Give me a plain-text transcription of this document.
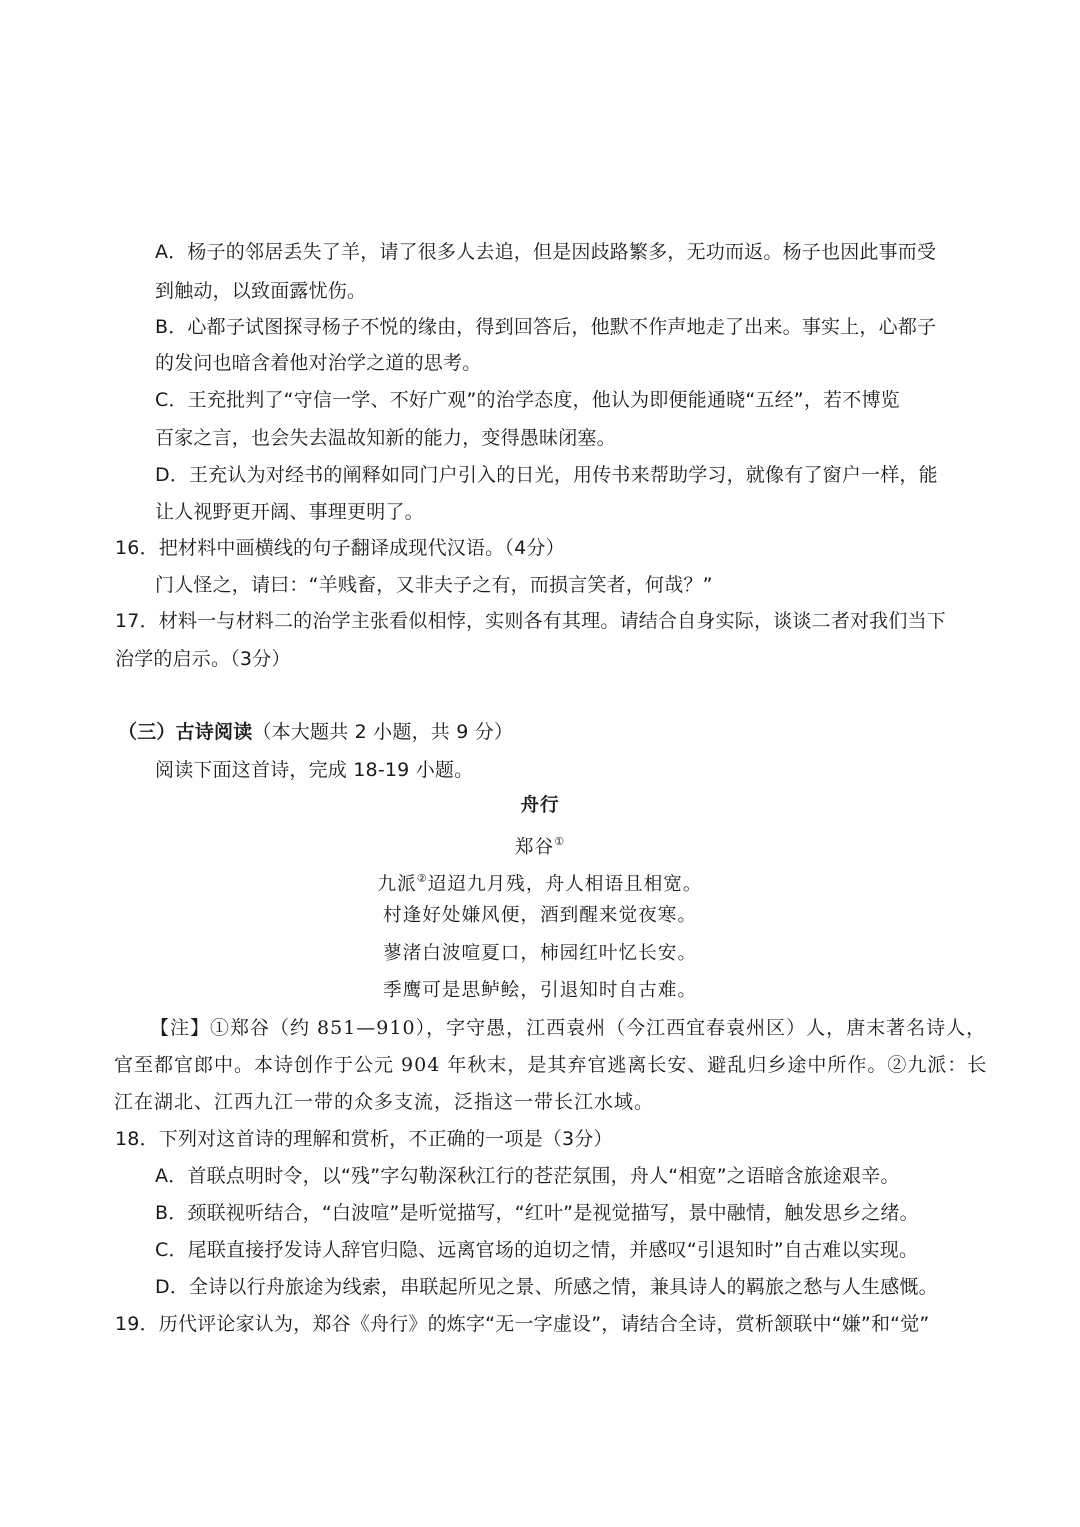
A．杨子的邻居丢失了羊，请了很多人去追，但是因歧路繁多，无功而返。杨子也因此事而受
到触动，以致面露忧伤。
B．心都子试图探寻杨子不悦的缘由，得到回答后，他默不作声地走了出来。事实上，心都子
的发问也暗含着他对治学之道的思考。
C．王充批判了“守信一学、不好广观”的治学态度，他认为即便能通晓“五经”，若不博览
百家之言，也会失去温故知新的能力，变得愚昧闭塞。
D．王充认为对经书的阐释如同门户引入的日光，用传书来帮助学习，就像有了窗户一样，能
让人视野更开阔、事理更明了。
16．把材料中画横线的句子翻译成现代汉语。（4分）
门人怪之，请曰：“羊贱畜，又非夫子之有，而损言笑者，何哉？”
17．材料一与材料二的治学主张看似相悖，实则各有其理。请结合自身实际，谈谈二者对我们当下
治学的启示。（3分）
（三）古诗阅读（本大题共 2 小题，共 9 分）
阅读下面这首诗，完成 18-19 小题。
舟行
郑谷①
九派②迢迢九月残，舟人相语且相宽。
村逢好处嫌风便，酒到醒来觉夜寒。
蓼渚白波喧夏口，柿园红叶忆长安。
季鹰可是思鲈鲙，引退知时自古难。
【注】①郑谷（约 851—910），字守愚，江西袁州（今江西宜春袁州区）人，唐末著名诗人，
官至都官郎中。本诗创作于公元 904 年秋末，是其弃官逃离长安、避乱归乡途中所作。②九派：长
江在湖北、江西九江一带的众多支流，泛指这一带长江水域。
18．下列对这首诗的理解和赏析，不正确的一项是（3分）
A．首联点明时令，以“残”字勾勒深秋江行的苍茫氛围，舟人“相宽”之语暗含旅途艰辛。
B．颈联视听结合，“白波喧”是听觉描写，“红叶”是视觉描写，景中融情，触发思乡之绪。
C．尾联直接抒发诗人辞官归隐、远离官场的迫切之情，并感叹“引退知时”自古难以实现。
D．全诗以行舟旅途为线索，串联起所见之景、所感之情，兼具诗人的羁旅之愁与人生感慨。
19．历代评论家认为，郑谷《舟行》的炼字“无一字虚设”，请结合全诗，赏析颔联中“嫌”和“觉”
